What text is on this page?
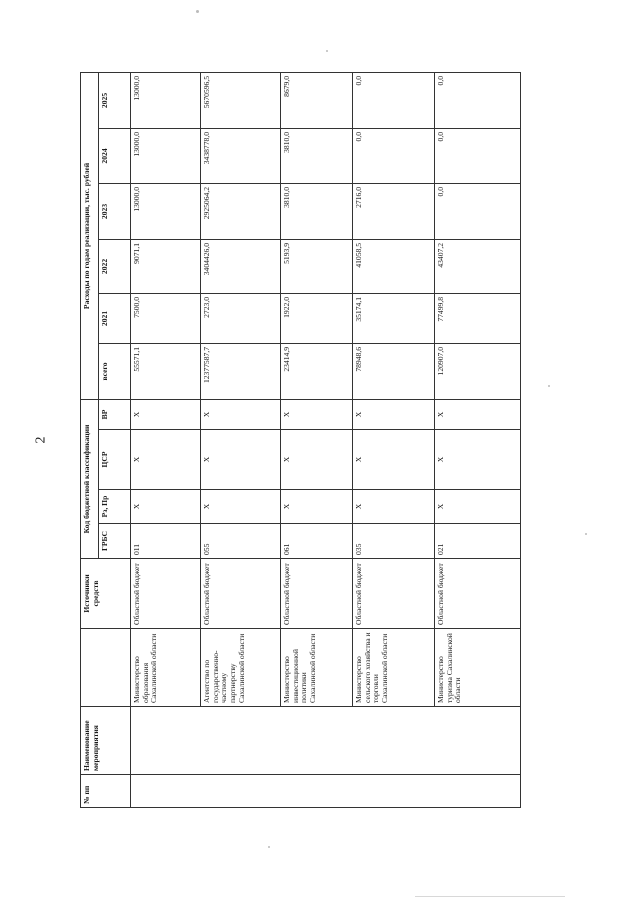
2
№ пп	Наименование мероприятия		Источники средств	Код бюджетной классификации				Расходы по годам реализации, тыс. рублей					
				ГРБС	Рз, Пр	ЦСР	ВР	всего	2021	2022	2023	2024	2025
		Министерство образования Сахалинской области	Областной бюджет	011	Х	Х	Х	55571,1	7500,0	9071,1	13000,0	13000,0	13000,0
		Агентство по государственно-частному партнерству Сахалинской области	Областной бюджет	055	Х	Х	Х	12377587,7	2723,0	3404426,0	2925064,2	3438778,0	5670596,5
		Министерство инвестиционной политики Сахалинской области	Областной бюджет	061	Х	Х	Х	23414,9	1922,0	5193,9	3810,0	3810,0	8679,0
		Министерство сельского хозяйства и торговли Сахалинской области	Областной бюджет	035	Х	Х	Х	78948,6	35174,1	41058,5	2716,0	0,0	0,0
		Министерство туризма Сахалинской области	Областной бюджет	021	Х	Х	Х	120907,0	77499,8	43407,2	0,0	0,0	0,0
